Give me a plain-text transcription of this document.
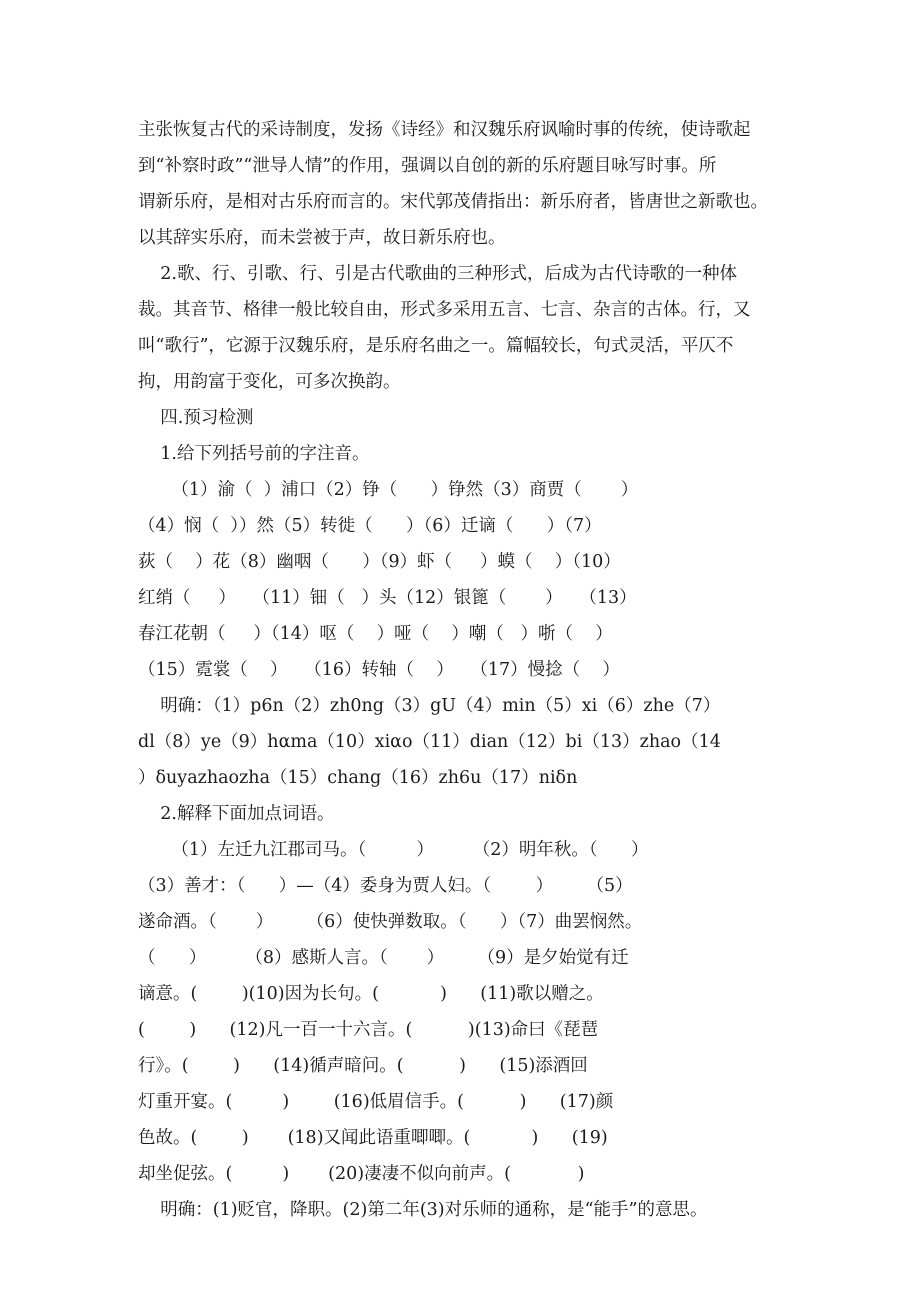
主张恢复古代的采诗制度，发扬《诗经》和汉魏乐府讽喻时事的传统，使诗歌起
到“补察时政”“泄导人情”的作用，强调以自创的新的乐府题目咏写时事。所
谓新乐府，是相对古乐府而言的。宋代郭茂倩指出：新乐府者，皆唐世之新歌也。
以其辞实乐府，而未尝被于声，故日新乐府也。
2.歌、行、引歌、行、引是古代歌曲的三种形式，后成为古代诗歌的一种体
裁。其音节、格律一般比较自由，形式多采用五言、七言、杂言的古体。行，又
叫“歌行”，它源于汉魏乐府，是乐府名曲之一。篇幅较长，句式灵活，平仄不
拘，用韵富于变化，可多次换韵。
四.预习检测
1.给下列括号前的字注音。
（1）渝（  ）浦口（2）铮（      ）铮然（3）商贾（       ）
（4）悯（  ））然（5）转徙（      ）（6）迁谪（      ）（7）
荻（    ）花（8）幽咽（      ）（9）虾（     ）蟆（    ）（10）
红绡（     ）   （11）钿（   ）头（12）银篦（       ）   （13）
春江花朝（     ）（14）呕（    ）哑（    ）嘲（   ）哳（    ）
（15）霓裳（    ）   （16）转轴（    ）   （17）慢捻（    ）
明确：（1）p6n（2）zh0ng（3）gU（4）min（5）xi（6）zhe（7）
dl（8）ye（9）hαma（10）xiαo（11）dian（12）bi（13）zhao（14
）δuyazhaozha（15）chang（16）zh6u（17）niδn
2.解释下面加点词语。
（1）左迁九江郡司马。（         ）       （2）明年秋。（      ）
（3）善才：（      ）—（4）委身为贾人妇。（        ）      （5）
遂命酒。（       ）      （6）使快弹数取。（      ）（7）曲罢悯然。
（      ）       （8）感斯人言。（       ）      （9）是夕始觉有迁
谪意。(        )(10)因为长句。(           )      (11)歌以赠之。
(        )      (12)凡一百一十六言。(          )(13)命曰《琵琶
行》。(        )      (14)循声暗问。(          )      (15)添酒回
灯重开宴。(         )        (16)低眉信手。(          )      (17)颜
色故。(        )       (18)又闻此语重唧唧。(           )      (19)
却坐促弦。(         )       (20)凄凄不似向前声。(            )
明确：(1)贬官，降职。(2)第二年(3)对乐师的通称，是“能手”的意思。
